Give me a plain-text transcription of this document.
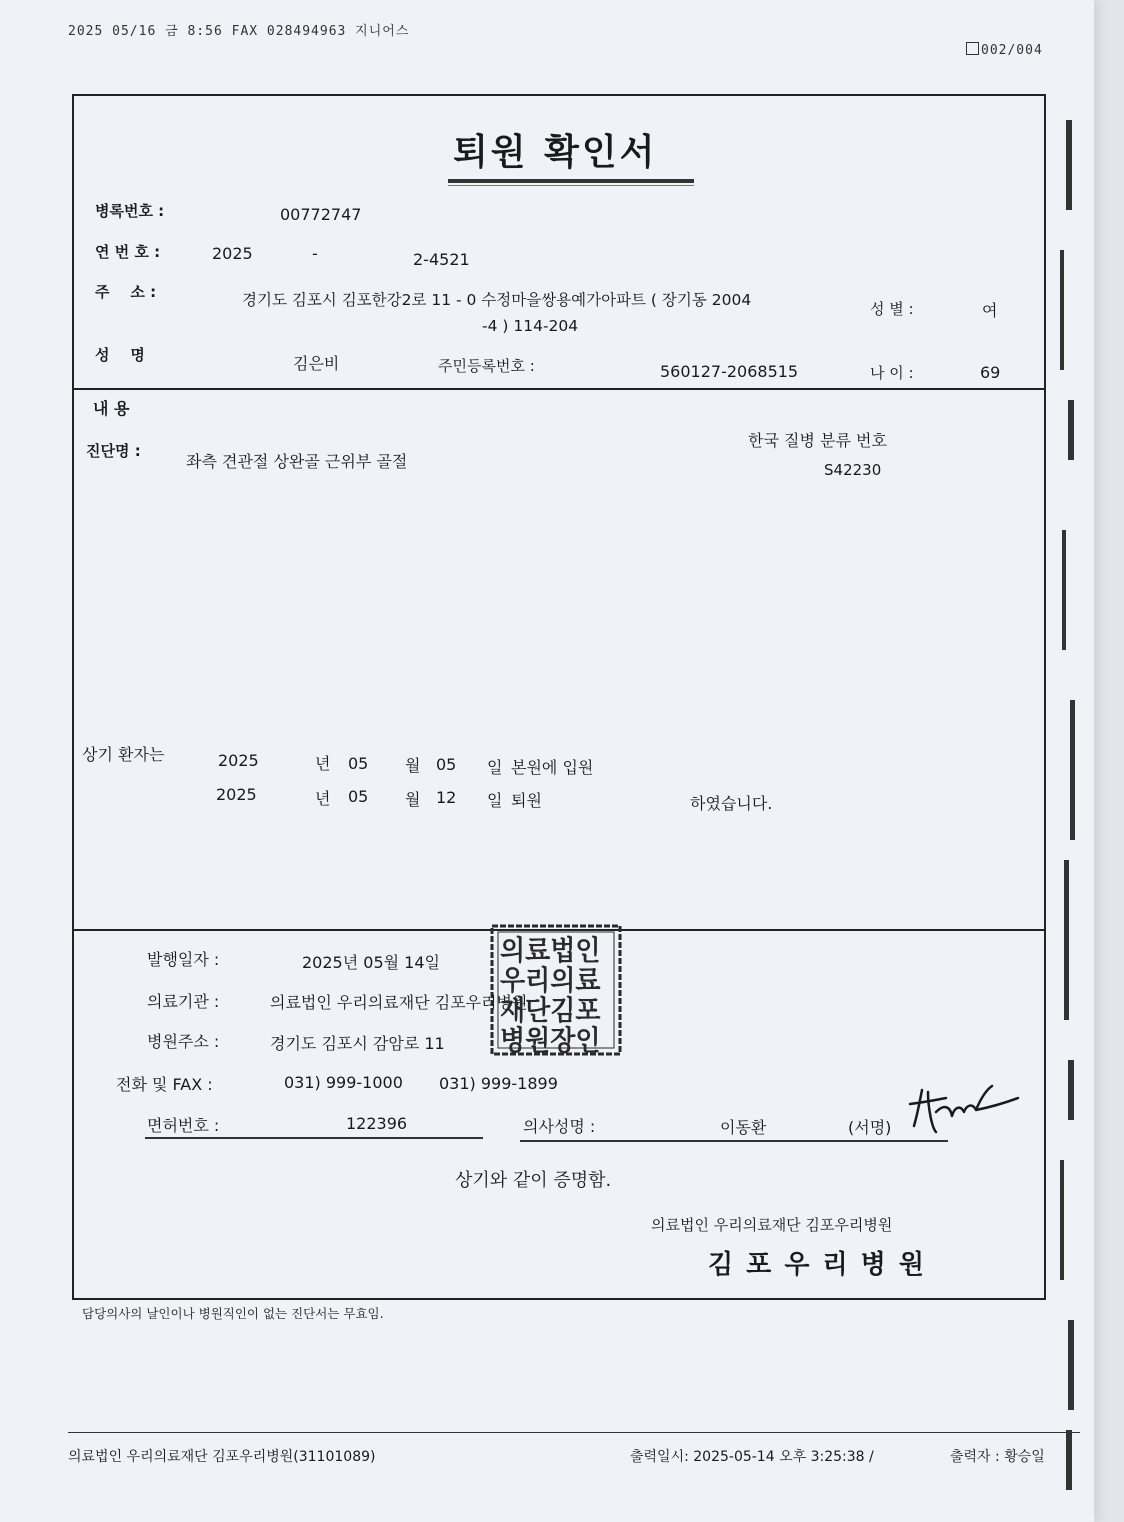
2025 05/16 금 8:56 FAX 028494963 지니어스
002/004
퇴원 확인서
병록번호 :	00772747
연 번 호 :	2025	-	2-4521
주    소 :	경기도 김포시 김포한강2로 11 - 0 수정마을쌍용예가아파트 ( 장기동 2004
-4 ) 114-204
성 별 :	여
성    명	김은비	주민등록번호 :	560127-2068515	나 이 :	69
내 용
진단명 :
좌측 견관절 상완골 근위부 골절
한국 질병 분류 번호
S42230
상기 환자는	2025	년 05 월 05 일 본원에 입원
2025	년 05 월 12 일 퇴원	하였습니다.
발행일자 :	2025년 05월 14일
의료기관 :	의료법인 우리의료재단 김포우리병원
병원주소 :	경기도 김포시 감암로 11
전화 및 FAX :	031) 999-1000 031) 999-1899
면허번호 :	122396	의사성명 :	이동환	(서명)
의료법인
우리의료
재단김포
병원장인
상기와 같이 증명함.
의료법인 우리의료재단 김포우리병원
김 포 우 리 병 원
담당의사의 날인이나 병원직인이 없는 진단서는 무효임.
의료법인 우리의료재단 김포우리병원(31101089)	출력일시: 2025-05-14 오후 3:25:38 /	출력자 : 황승일
